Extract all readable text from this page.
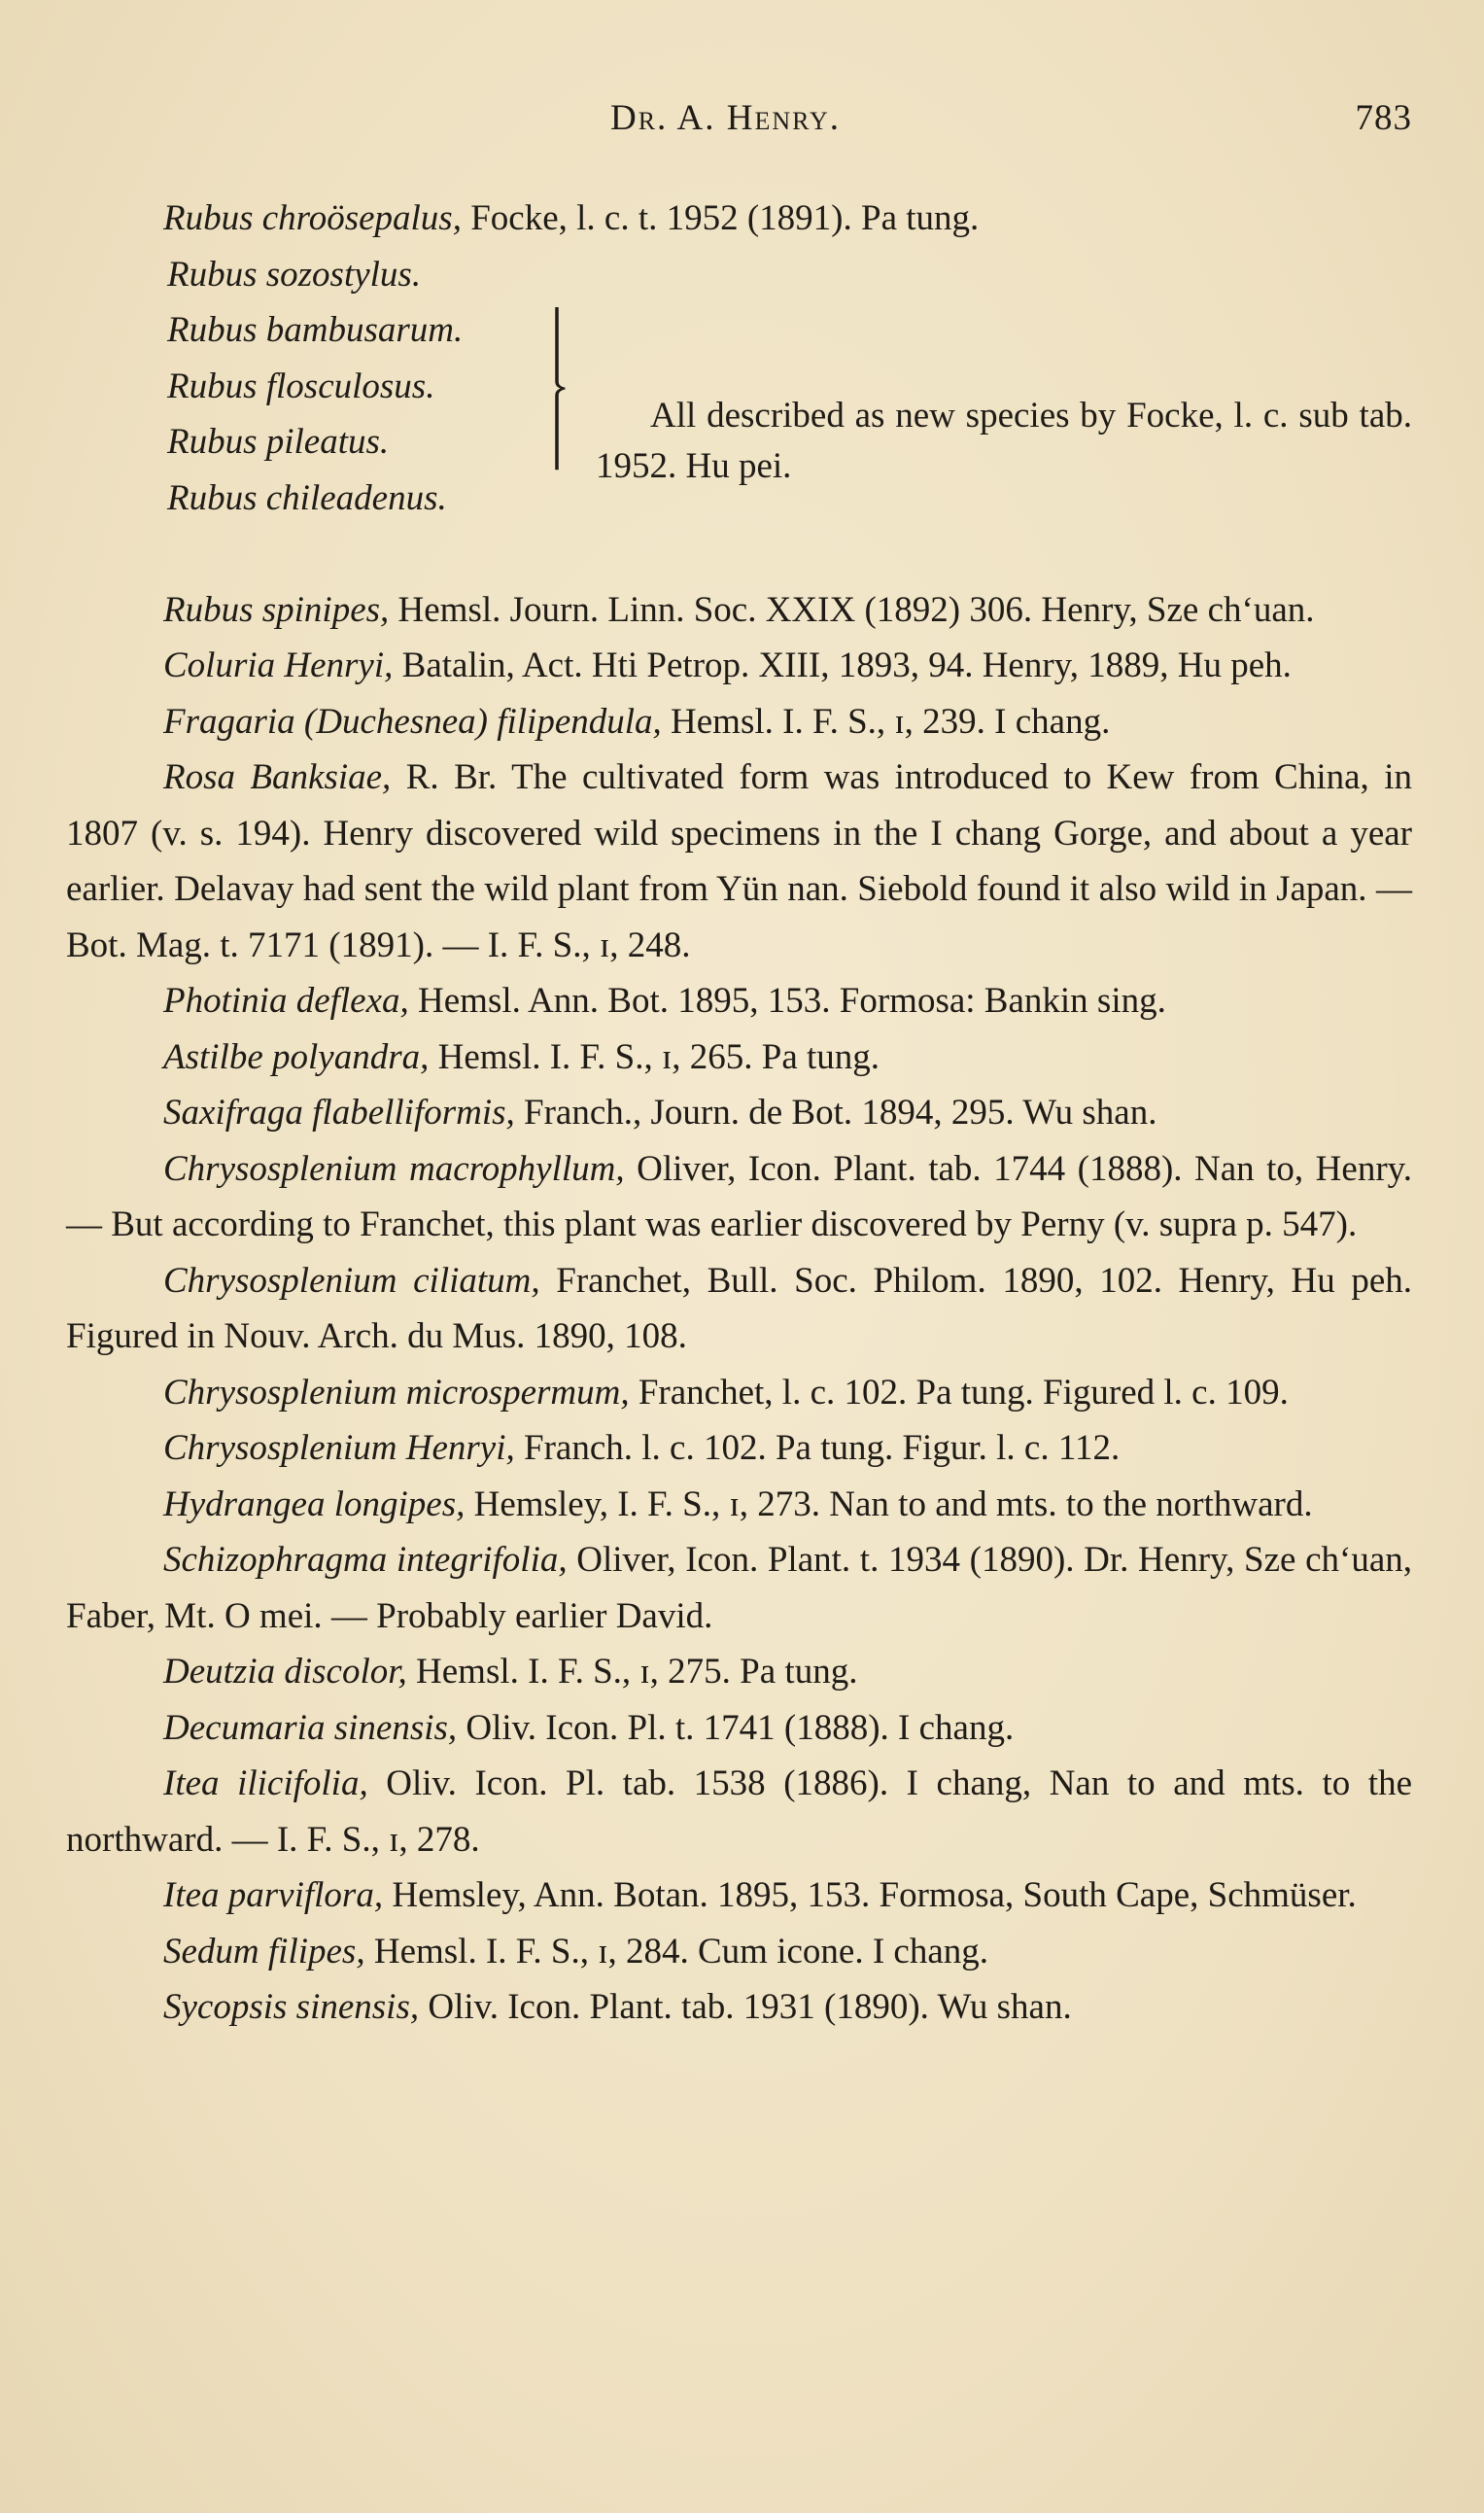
Dr. A. Henry.	783

Rubus chroösepalus, Focke, l. c. t. 1952 (1891). Pa tung.

Rubus sozostylus.
Rubus bambusarum.
Rubus flosculosus.
Rubus pileatus.
Rubus chileadenus.
All described as new species by Focke, l. c. sub tab. 1952. Hu pei.

Rubus spinipes, Hemsl. Journ. Linn. Soc. XXIX (1892) 306. Henry, Sze chʻuan.

Coluria Henryi, Batalin, Act. Hti Petrop. XIII, 1893, 94. Henry, 1889, Hu peh.

Fragaria (Duchesnea) filipendula, Hemsl. I. F. S., ɪ, 239. I chang.

Rosa Banksiae, R. Br. The cultivated form was introduced to Kew from China, in 1807 (v. s. 194). Henry discovered wild specimens in the I chang Gorge, and about a year earlier. Delavay had sent the wild plant from Yün nan. Siebold found it also wild in Japan. — Bot. Mag. t. 7171 (1891). — I. F. S., ɪ, 248.

Photinia deflexa, Hemsl. Ann. Bot. 1895, 153. Formosa: Bankin sing.

Astilbe polyandra, Hemsl. I. F. S., ɪ, 265. Pa tung.

Saxifraga flabelliformis, Franch., Journ. de Bot. 1894, 295. Wu shan.

Chrysosplenium macrophyllum, Oliver, Icon. Plant. tab. 1744 (1888). Nan to, Henry. — But according to Franchet, this plant was earlier discovered by Perny (v. supra p. 547).

Chrysosplenium ciliatum, Franchet, Bull. Soc. Philom. 1890, 102. Henry, Hu peh. Figured in Nouv. Arch. du Mus. 1890, 108.

Chrysosplenium microspermum, Franchet, l. c. 102. Pa tung. Figured l. c. 109.

Chrysosplenium Henryi, Franch. l. c. 102. Pa tung. Figur. l. c. 112.

Hydrangea longipes, Hemsley, I. F. S., ɪ, 273. Nan to and mts. to the northward.

Schizophragma integrifolia, Oliver, Icon. Plant. t. 1934 (1890). Dr. Henry, Sze chʻuan, Faber, Mt. O mei. — Probably earlier David.

Deutzia discolor, Hemsl. I. F. S., ɪ, 275. Pa tung.

Decumaria sinensis, Oliv. Icon. Pl. t. 1741 (1888). I chang.

Itea ilicifolia, Oliv. Icon. Pl. tab. 1538 (1886). I chang, Nan to and mts. to the northward. — I. F. S., ɪ, 278.

Itea parviflora, Hemsley, Ann. Botan. 1895, 153. Formosa, South Cape, Schmüser.

Sedum filipes, Hemsl. I. F. S., ɪ, 284. Cum icone. I chang.

Sycopsis sinensis, Oliv. Icon. Plant. tab. 1931 (1890). Wu shan.
